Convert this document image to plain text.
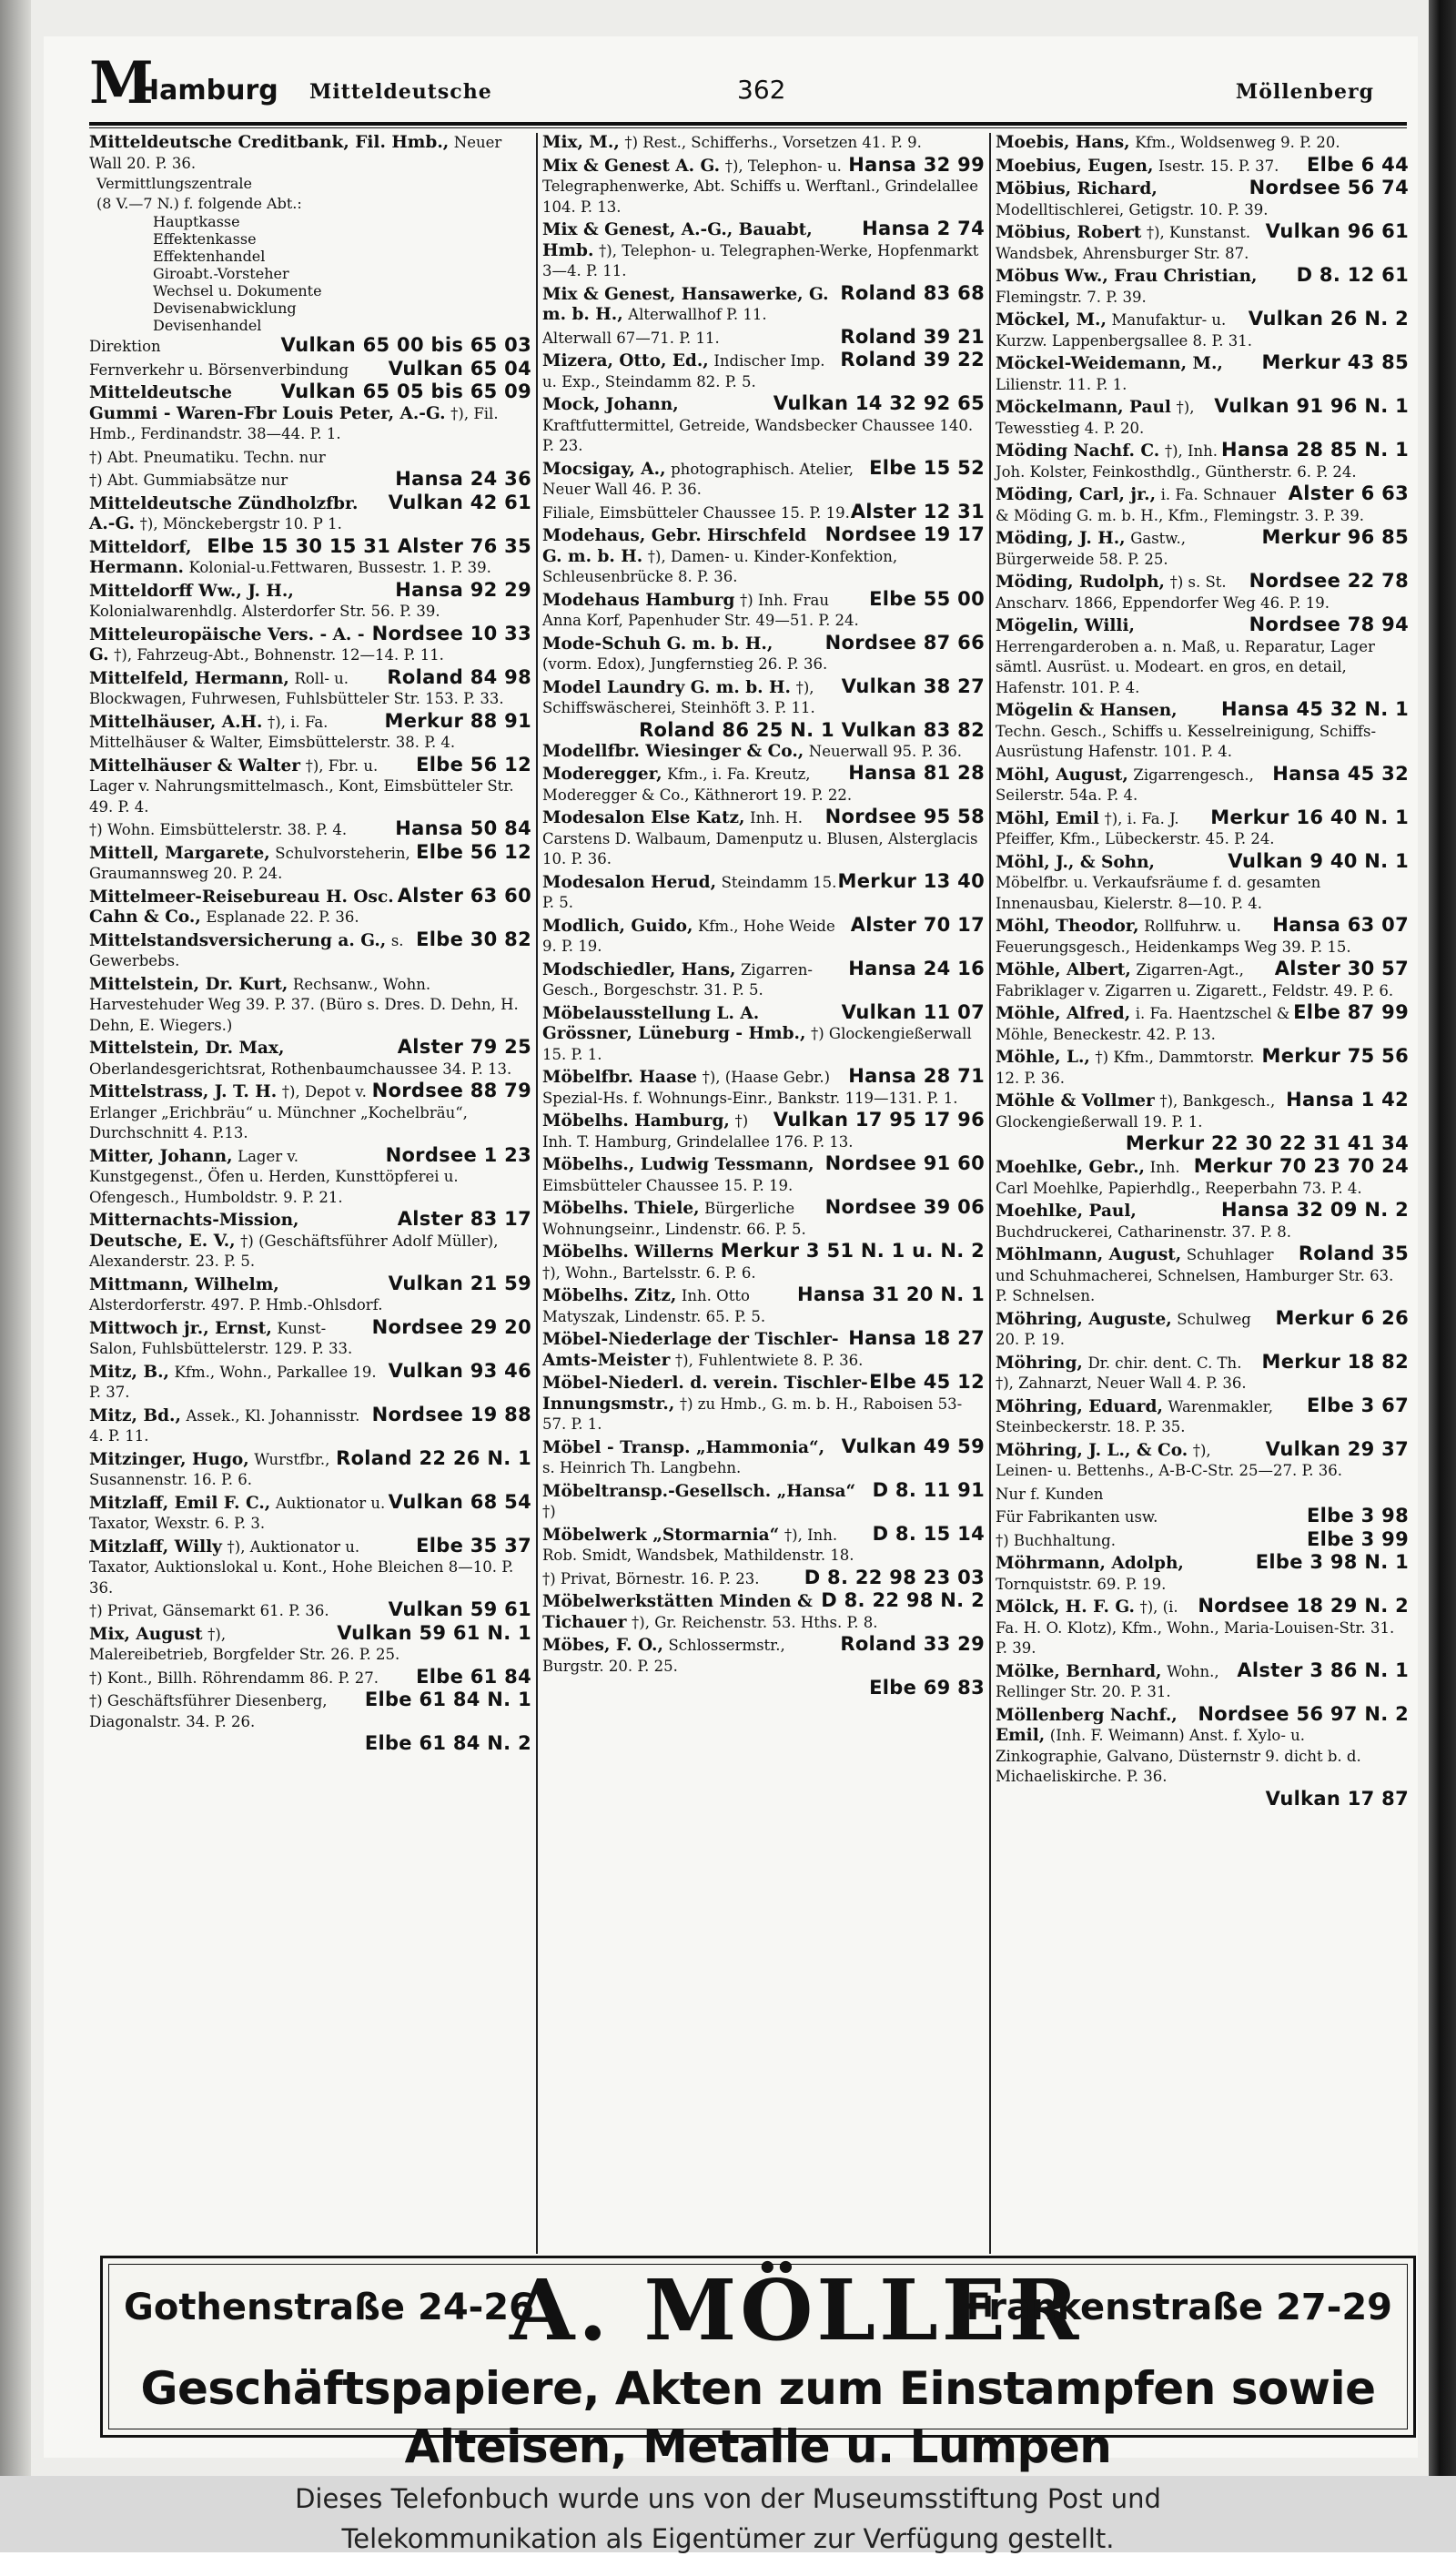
M
Hamburg Mitteldeutsche	362	Möllenberg
Mitteldeutsche Creditbank, Fil. Hmb., Neuer Wall 20. P. 36.
Vermittlungszentrale
(8 V.—7 N.) f. folgende Abt.:
Hauptkasse
Effektenkasse
Effektenhandel
Giroabt.-Vorsteher
Wechsel u. Dokumente
Devisenabwicklung
Devisenhandel
Vulkan 65 00 bis 65 03
Direktion
Vulkan 65 04
Fernverkehr u. Börsenverbindung
Vulkan 65 05 bis 65 09
Mitteldeutsche Gummi - Waren-Fbr Louis Peter, A.-G. †), Fil. Hmb., Ferdinandstr. 38—44. P. 1.
†) Abt. Pneumatiku. Techn. nur
Hansa 24 36
†) Abt. Gummiabsätze nur
Vulkan 42 61
Mitteldeutsche Zündholzfbr. A.-G. †), Mönckebergstr 10. P 1.
Elbe 15 30 15 31 Alster 76 35
Mitteldorf, Hermann. Kolonial-u.Fettwaren, Bussestr. 1. P. 39.
Hansa 92 29
Mitteldorff Ww., J. H., Kolonialwarenhdlg. Alsterdorfer Str. 56. P. 39.
Nordsee 10 33
Mitteleuropäische Vers. - A. - G. †), Fahrzeug-Abt., Bohnenstr. 12—14. P. 11.
Roland 84 98
Mittelfeld, Hermann, Roll- u. Blockwagen, Fuhrwesen, Fuhlsbütteler Str. 153. P. 33.
Merkur 88 91
Mittelhäuser, A.H. †), i. Fa. Mittelhäuser & Walter, Eimsbüttelerstr. 38. P. 4.
Elbe 56 12
Mittelhäuser & Walter †), Fbr. u. Lager v. Nahrungsmittelmasch., Kont, Eimsbütteler Str. 49. P. 4.
Hansa 50 84
†) Wohn. Eimsbüttelerstr. 38. P. 4.
Elbe 56 12
Mittell, Margarete, Schulvorsteherin, Graumannsweg 20. P. 24.
Alster 63 60
Mittelmeer-Reisebureau H. Osc. Cahn & Co., Esplanade 22. P. 36.
Elbe 30 82
Mittelstandsversicherung a. G., s. Gewerbebs.
Mittelstein, Dr. Kurt, Rechsanw., Wohn. Harvestehuder Weg 39. P. 37. (Büro s. Dres. D. Dehn, H. Dehn, E. Wiegers.)
Alster 79 25
Mittelstein, Dr. Max, Oberlandesgerichtsrat, Rothenbaumchaussee 34. P. 13.
Nordsee 88 79
Mittelstrass, J. T. H. †), Depot v. Erlanger „Erichbräu“ u. Münchner „Kochelbräu“, Durchschnitt 4. P.13.
Nordsee 1 23
Mitter, Johann, Lager v. Kunstgegenst., Öfen u. Herden, Kunsttöpferei u. Ofengesch., Humboldstr. 9. P. 21.
Alster 83 17
Mitternachts-Mission, Deutsche, E. V., †) (Geschäftsführer Adolf Müller), Alexanderstr. 23. P. 5.
Vulkan 21 59
Mittmann, Wilhelm, Alsterdorferstr. 497. P. Hmb.-Ohlsdorf.
Nordsee 29 20
Mittwoch jr., Ernst, Kunst-Salon, Fuhlsbüttelerstr. 129. P. 33.
Vulkan 93 46
Mitz, B., Kfm., Wohn., Parkallee 19. P. 37.
Nordsee 19 88
Mitz, Bd., Assek., Kl. Johannisstr. 4. P. 11.
Roland 22 26 N. 1
Mitzinger, Hugo, Wurstfbr., Susannenstr. 16. P. 6.
Vulkan 68 54
Mitzlaff, Emil F. C., Auktionator u. Taxator, Wexstr. 6. P. 3.
Elbe 35 37
Mitzlaff, Willy †), Auktionator u. Taxator, Auktionslokal u. Kont., Hohe Bleichen 8—10. P. 36.
Vulkan 59 61
†) Privat, Gänsemarkt 61. P. 36.
Vulkan 59 61 N. 1
Mix, August †), Malereibetrieb, Borgfelder Str. 26. P. 25.
Elbe 61 84
†) Kont., Billh. Röhrendamm 86. P. 27.
Elbe 61 84 N. 1
†) Geschäftsführer Diesenberg, Diagonalstr. 34. P. 26.
Elbe 61 84 N. 2
Mix, M., †) Rest., Schifferhs., Vorsetzen 41. P. 9.
Hansa 32 99
Mix & Genest A. G. †), Telephon- u. Telegraphenwerke, Abt. Schiffs u. Werftanl., Grindelallee 104. P. 13.
Hansa 2 74
Mix & Genest, A.-G., Bauabt, Hmb. †), Telephon- u. Telegraphen-Werke, Hopfenmarkt 3—4. P. 11.
Roland 83 68
Mix & Genest, Hansawerke, G. m. b. H., Alterwallhof P. 11.
Roland 39 21
Alterwall 67—71. P. 11.
Roland 39 22
Mizera, Otto, Ed., Indischer Imp. u. Exp., Steindamm 82. P. 5.
Vulkan 14 32 92 65
Mock, Johann, Kraftfuttermittel, Getreide, Wandsbecker Chaussee 140. P. 23.
Elbe 15 52
Mocsigay, A., photographisch. Atelier, Neuer Wall 46. P. 36.
Alster 12 31
Filiale, Eimsbütteler Chaussee 15. P. 19.
Nordsee 19 17
Modehaus, Gebr. Hirschfeld G. m. b. H. †), Damen- u. Kinder-Konfektion, Schleusenbrücke 8. P. 36.
Elbe 55 00
Modehaus Hamburg †) Inh. Frau Anna Korf, Papenhuder Str. 49—51. P. 24.
Nordsee 87 66
Mode-Schuh G. m. b. H., (vorm. Edox), Jungfernstieg 26. P. 36.
Vulkan 38 27
Model Laundry G. m. b. H. †), Schiffswäscherei, Steinhöft 3. P. 11.
Roland 86 25 N. 1 Vulkan 83 82
Modellfbr. Wiesinger & Co., Neuerwall 95. P. 36.
Hansa 81 28
Moderegger, Kfm., i. Fa. Kreutz, Moderegger & Co., Käthnerort 19. P. 22.
Nordsee 95 58
Modesalon Else Katz, Inh. H. Carstens D. Walbaum, Damenputz u. Blusen, Alsterglacis 10. P. 36.
Merkur 13 40
Modesalon Herud, Steindamm 15. P. 5.
Alster 70 17
Modlich, Guido, Kfm., Hohe Weide 9. P. 19.
Hansa 24 16
Modschiedler, Hans, Zigarren-Gesch., Borgeschstr. 31. P. 5.
Vulkan 11 07
Möbelausstellung L. A. Grössner, Lüneburg - Hmb., †) Glockengießerwall 15. P. 1.
Hansa 28 71
Möbelfbr. Haase †), (Haase Gebr.) Spezial-Hs. f. Wohnungs-Einr., Bankstr. 119—131. P. 1.
Vulkan 17 95 17 96
Möbelhs. Hamburg, †) Inh. T. Hamburg, Grindelallee 176. P. 13.
Nordsee 91 60
Möbelhs., Ludwig Tessmann, Eimsbütteler Chaussee 15. P. 19.
Nordsee 39 06
Möbelhs. Thiele, Bürgerliche Wohnungseinr., Lindenstr. 66. P. 5.
Merkur 3 51 N. 1 u. N. 2
Möbelhs. Willerns †), Wohn., Bartelsstr. 6. P. 6.
Hansa 31 20 N. 1
Möbelhs. Zitz, Inh. Otto Matyszak, Lindenstr. 65. P. 5.
Hansa 18 27
Möbel-Niederlage der Tischler-Amts-Meister †), Fuhlentwiete 8. P. 36.
Elbe 45 12
Möbel-Niederl. d. verein. Tischler-Innungsmstr., †) zu Hmb., G. m. b. H., Raboisen 53-57. P. 1.
Vulkan 49 59
Möbel - Transp. „Hammonia“, s. Heinrich Th. Langbehn.
D 8. 11 91
Möbeltransp.-Gesellsch. „Hansa“ †)
D 8. 15 14
Möbelwerk „Stormarnia“ †), Inh. Rob. Smidt, Wandsbek, Mathildenstr. 18.
D 8. 22 98 23 03
†) Privat, Börnestr. 16. P. 23.
D 8. 22 98 N. 2
Möbelwerkstätten Minden & Tichauer †), Gr. Reichenstr. 53. Hths. P. 8.
Roland 33 29
Möbes, F. O., Schlossermstr., Burgstr. 20. P. 25.
Elbe 69 83
Moebis, Hans, Kfm., Woldsenweg 9. P. 20.
Elbe 6 44
Moebius, Eugen, Isestr. 15. P. 37.
Nordsee 56 74
Möbius, Richard, Modelltischlerei, Getigstr. 10. P. 39.
Vulkan 96 61
Möbius, Robert †), Kunstanst. Wandsbek, Ahrensburger Str. 87.
D 8. 12 61
Möbus Ww., Frau Christian, Flemingstr. 7. P. 39.
Vulkan 26 N. 2
Möckel, M., Manufaktur- u. Kurzw. Lappenbergsallee 8. P. 31.
Merkur 43 85
Möckel-Weidemann, M., Lilienstr. 11. P. 1.
Vulkan 91 96 N. 1
Möckelmann, Paul †), Tewesstieg 4. P. 20.
Hansa 28 85 N. 1
Möding Nachf. C. †), Inh. Joh. Kolster, Feinkosthdlg., Güntherstr. 6. P. 24.
Alster 6 63
Möding, Carl, jr., i. Fa. Schnauer & Möding G. m. b. H., Kfm., Flemingstr. 3. P. 39.
Merkur 96 85
Möding, J. H., Gastw., Bürgerweide 58. P. 25.
Nordsee 22 78
Möding, Rudolph, †) s. St. Anscharv. 1866, Eppendorfer Weg 46. P. 19.
Nordsee 78 94
Mögelin, Willi, Herrengarderoben a. n. Maß, u. Reparatur, Lager sämtl. Ausrüst. u. Modeart. en gros, en detail, Hafenstr. 101. P. 4.
Hansa 45 32 N. 1
Mögelin & Hansen, Techn. Gesch., Schiffs u. Kesselreinigung, Schiffs-Ausrüstung Hafenstr. 101. P. 4.
Hansa 45 32
Möhl, August, Zigarrengesch., Seilerstr. 54a. P. 4.
Merkur 16 40 N. 1
Möhl, Emil †), i. Fa. J. Pfeiffer, Kfm., Lübeckerstr. 45. P. 24.
Vulkan 9 40 N. 1
Möhl, J., & Sohn, Möbelfbr. u. Verkaufsräume f. d. gesamten Innenausbau, Kielerstr. 8—10. P. 4.
Hansa 63 07
Möhl, Theodor, Rollfuhrw. u. Feuerungsgesch., Heidenkamps Weg 39. P. 15.
Alster 30 57
Möhle, Albert, Zigarren-Agt., Fabriklager v. Zigarren u. Zigarett., Feldstr. 49. P. 6.
Elbe 87 99
Möhle, Alfred, i. Fa. Haentzschel & Möhle, Beneckestr. 42. P. 13.
Merkur 75 56
Möhle, L., †) Kfm., Dammtorstr. 12. P. 36.
Hansa 1 42
Möhle & Vollmer †), Bankgesch., Glockengießerwall 19. P. 1.
Merkur 22 30 22 31 41 34
Merkur 70 23 70 24
Moehlke, Gebr., Inh. Carl Moehlke, Papierhdlg., Reeperbahn 73. P. 4.
Hansa 32 09 N. 2
Moehlke, Paul, Buchdruckerei, Catharinenstr. 37. P. 8.
Roland 35
Möhlmann, August, Schuhlager und Schuhmacherei, Schnelsen, Hamburger Str. 63. P. Schnelsen.
Merkur 6 26
Möhring, Auguste, Schulweg 20. P. 19.
Merkur 18 82
Möhring, Dr. chir. dent. C. Th. †), Zahnarzt, Neuer Wall 4. P. 36.
Elbe 3 67
Möhring, Eduard, Warenmakler, Steinbeckerstr. 18. P. 35.
Vulkan 29 37
Möhring, J. L., & Co. †), Leinen- u. Bettenhs., A-B-C-Str. 25—27. P. 36.
Nur f. Kunden
Elbe 3 98
Für Fabrikanten usw.
Elbe 3 99
†) Buchhaltung.
Elbe 3 98 N. 1
Möhrmann, Adolph, Tornquiststr. 69. P. 19.
Nordsee 18 29 N. 2
Mölck, H. F. G. †), (i. Fa. H. O. Klotz), Kfm., Wohn., Maria-Louisen-Str. 31. P. 39.
Alster 3 86 N. 1
Mölke, Bernhard, Wohn., Rellinger Str. 20. P. 31.
Nordsee 56 97 N. 2
Möllenberg Nachf., Emil, (Inh. F. Weimann) Anst. f. Xylo- u. Zinkographie, Galvano, Düsternstr 9. dicht b. d. Michaeliskirche. P. 36.
Vulkan 17 87
Gothenstraße 24-26
A. MÖLLER
Frankenstraße 27-29
Geschäftspapiere, Akten zum Einstampfen sowie Alteisen, Metalle u. Lumpen
Dieses Telefonbuch wurde uns von der Museumsstiftung Post und
Telekommunikation als Eigentümer zur Verfügung gestellt.
